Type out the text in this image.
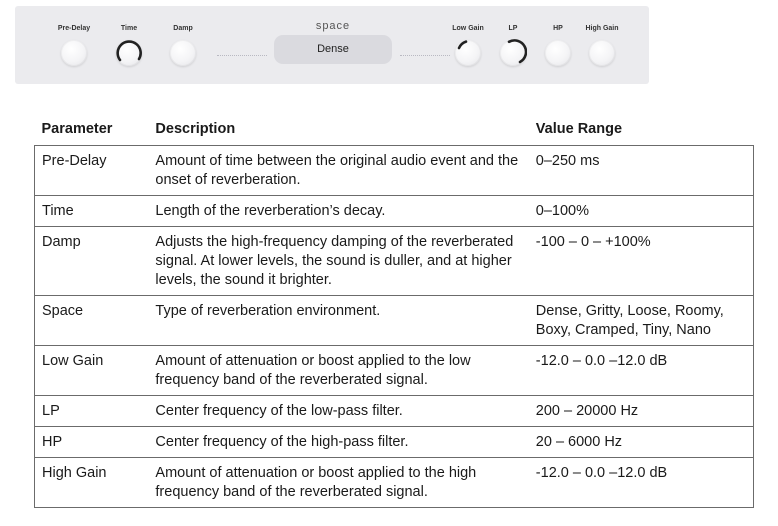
Pre-Delay	Time	Damp	space
Dense
Low Gain	LP	HP	High Gain
Parameter	Description	Value Range
Pre-Delay	Amount of time between the original audio event and the onset of reverberation.	0–250 ms
Time	Length of the reverberation’s decay.	0–100%
Damp	Adjusts the high-frequency damping of the reverberated signal. At lower levels, the sound is duller, and at higher levels, the sound it brighter.	-100 – 0 – +100%
Space	Type of reverberation environment.	Dense, Gritty, Loose, Roomy, Boxy, Cramped, Tiny, Nano
Low Gain	Amount of attenuation or boost applied to the low frequency band of the reverberated signal.	-12.0 – 0.0 –12.0 dB
LP	Center frequency of the low-pass filter.	200 – 20000 Hz
HP	Center frequency of the high-pass filter.	20 – 6000 Hz
High Gain	Amount of attenuation or boost applied to the high frequency band of the reverberated signal.	-12.0 – 0.0 –12.0 dB
